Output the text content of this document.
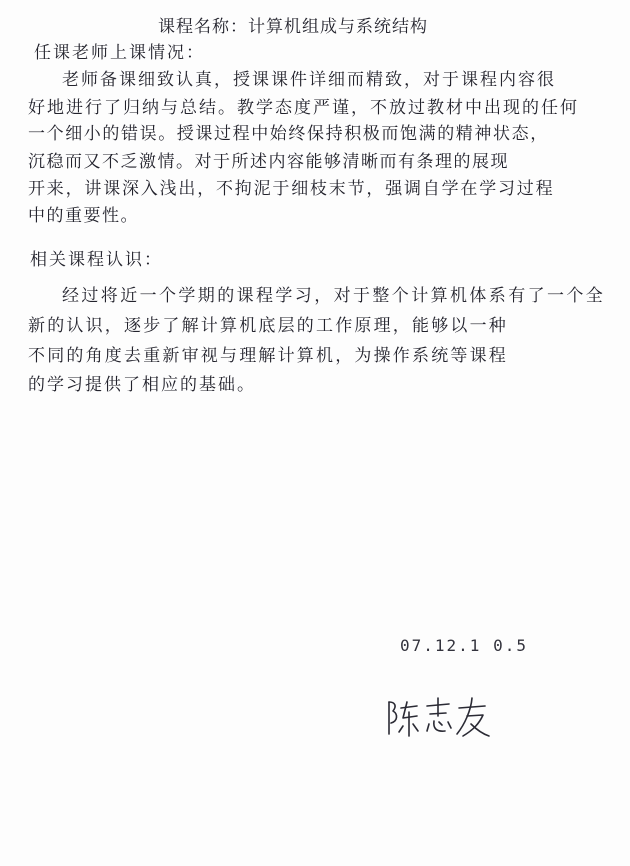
课程名称：计算机组成与系统结构
任课老师上课情况：
老师备课细致认真，授课课件详细而精致，对于课程内容很
好地进行了归纳与总结。教学态度严谨，不放过教材中出现的任何
一个细小的错误。授课过程中始终保持积极而饱满的精神状态，
沉稳而又不乏激情。对于所述内容能够清晰而有条理的展现
开来，讲课深入浅出，不拘泥于细枝末节，强调自学在学习过程
中的重要性。
相关课程认识：
经过将近一个学期的课程学习，对于整个计算机体系有了一个全
新的认识，逐步了解计算机底层的工作原理，能够以一种
不同的角度去重新审视与理解计算机，为操作系统等课程
的学习提供了相应的基础。
07.12.1 0.5
